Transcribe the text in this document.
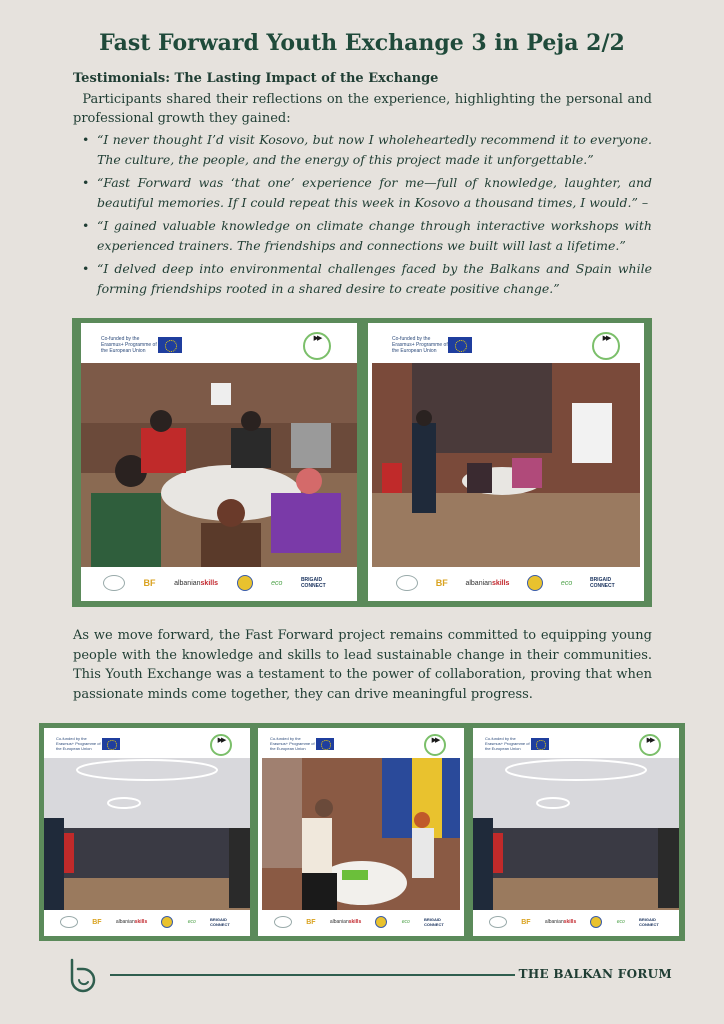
Fast Forward Youth Exchange 3 in Peja 2/2
Testimonials: The Lasting Impact of the Exchange

Participants shared their reflections on the experience, highlighting the personal and professional growth they gained:

• “I never thought I’d visit Kosovo, but now I wholeheartedly recommend it to everyone. The culture, the people, and the energy of this project made it unforgettable.”
• “Fast Forward was ‘that one’ experience for me—full of knowledge, laughter, and beautiful memories. If I could repeat this week in Kosovo a thousand times, I would.” –
• “I gained valuable knowledge on climate change through interactive workshops with experienced trainers. The friendships and connections we built will last a lifetime.”
• “I delved deep into environmental challenges faced by the Balkans and Spain while forming friendships rooted in a shared desire to create positive change.”
Co-funded by the Erasmus+ Programme of the European Union
▶▶
BF	albanianskills	eco	BRIGAID CONNECT
Co-funded by the Erasmus+ Programme of the European Union
▶▶
BF	albanianskills	eco	BRIGAID CONNECT

As we move forward, the Fast Forward project remains committed to equipping young people with the knowledge and skills to lead sustainable change in their communities. This Youth Exchange was a testament to the power of collaboration, proving that when passionate minds come together, they can drive meaningful progress.

Co-funded by the Erasmus+ Programme of the European Union
▶▶
BF	albanianskills	eco	BRIGAID CONNECT
Co-funded by the Erasmus+ Programme of the European Union
▶▶
BF	albanianskills	eco	BRIGAID CONNECT
Co-funded by the Erasmus+ Programme of the European Union
▶▶
BF	albanianskills	eco	BRIGAID CONNECT
THE BALKAN FORUM
